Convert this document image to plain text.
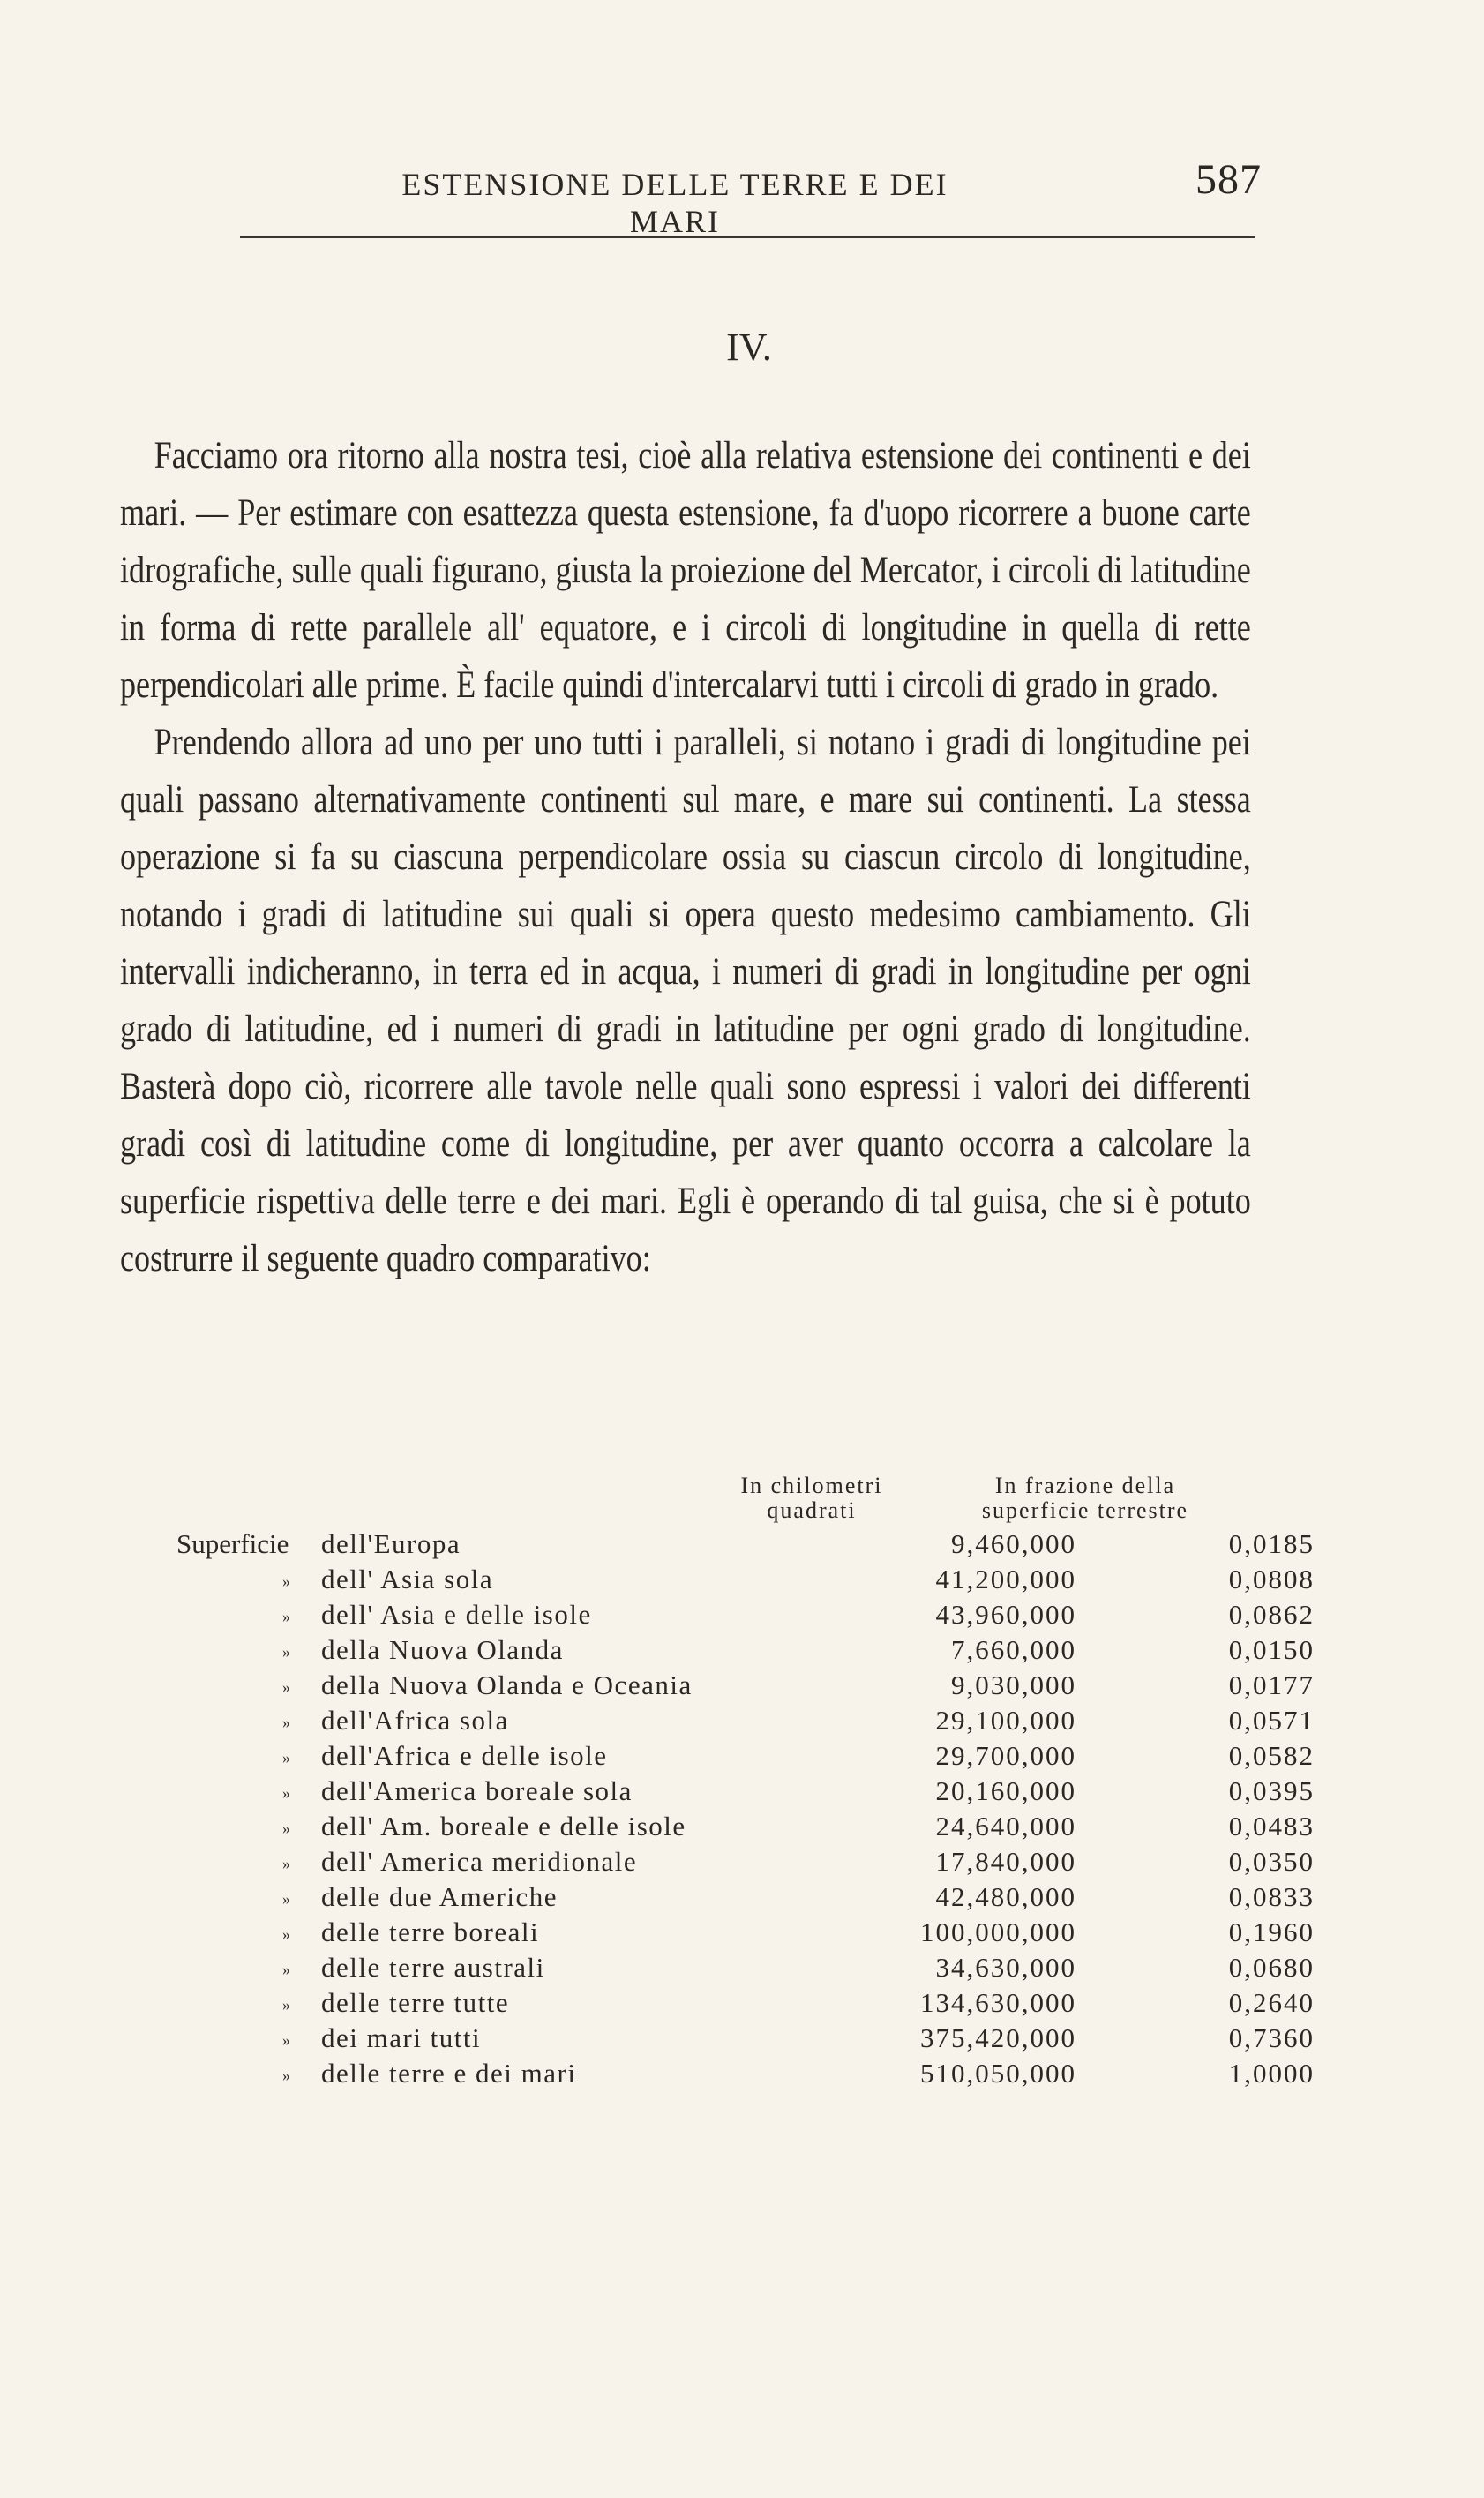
ESTENSIONE DELLE TERRE E DEI MARI
587
IV.

Facciamo ora ritorno alla nostra tesi, cioè alla relativa estensione dei continenti e dei mari. — Per estimare con esattezza questa estensione, fa d'uopo ricorrere a buone carte idrografiche, sulle quali figurano, giusta la proiezione del Mercator, i circoli di latitudine in forma di rette parallele all' equatore, e i circoli di longitudine in quella di rette perpendicolari alle prime. È facile quindi d'intercalarvi tutti i circoli di grado in grado.

Prendendo allora ad uno per uno tutti i paralleli, si notano i gradi di longitudine pei quali passano alternativamente continenti sul mare, e mare sui continenti. La stessa operazione si fa su ciascuna perpendicolare ossia su ciascun circolo di longitudine, notando i gradi di latitudine sui quali si opera questo medesimo cambiamento. Gli intervalli indicheranno, in terra ed in acqua, i numeri di gradi in longitudine per ogni grado di latitudine, ed i numeri di gradi in latitudine per ogni grado di longitudine. Basterà dopo ciò, ricorrere alle tavole nelle quali sono espressi i valori dei differenti gradi così di latitudine come di longitudine, per aver quanto occorra a calcolare la superficie rispettiva delle terre e dei mari. Egli è operando di tal guisa, che si è potuto costrurre il seguente quadro comparativo:

In chilometri quadrati
In frazione della superficie terrestre
Superficie	dell'Europa	9,460,000	0,0185
» dell' Asia sola	41,200,000	0,0808
» dell' Asia e delle isole	43,960,000	0,0862
» della Nuova Olanda	7,660,000	0,0150
» della Nuova Olanda e Oceania	9,030,000	0,0177
» dell'Africa sola	29,100,000	0,0571
» dell'Africa e delle isole	29,700,000	0,0582
» dell'America boreale sola	20,160,000	0,0395
» dell' Am. boreale e delle isole	24,640,000	0,0483
» dell' America meridionale	17,840,000	0,0350
» delle due Americhe	42,480,000	0,0833
» delle terre boreali	100,000,000	0,1960
» delle terre australi	34,630,000	0,0680
» delle terre tutte	134,630,000	0,2640
» dei mari tutti	375,420,000	0,7360
» delle terre e dei mari	510,050,000	1,0000
